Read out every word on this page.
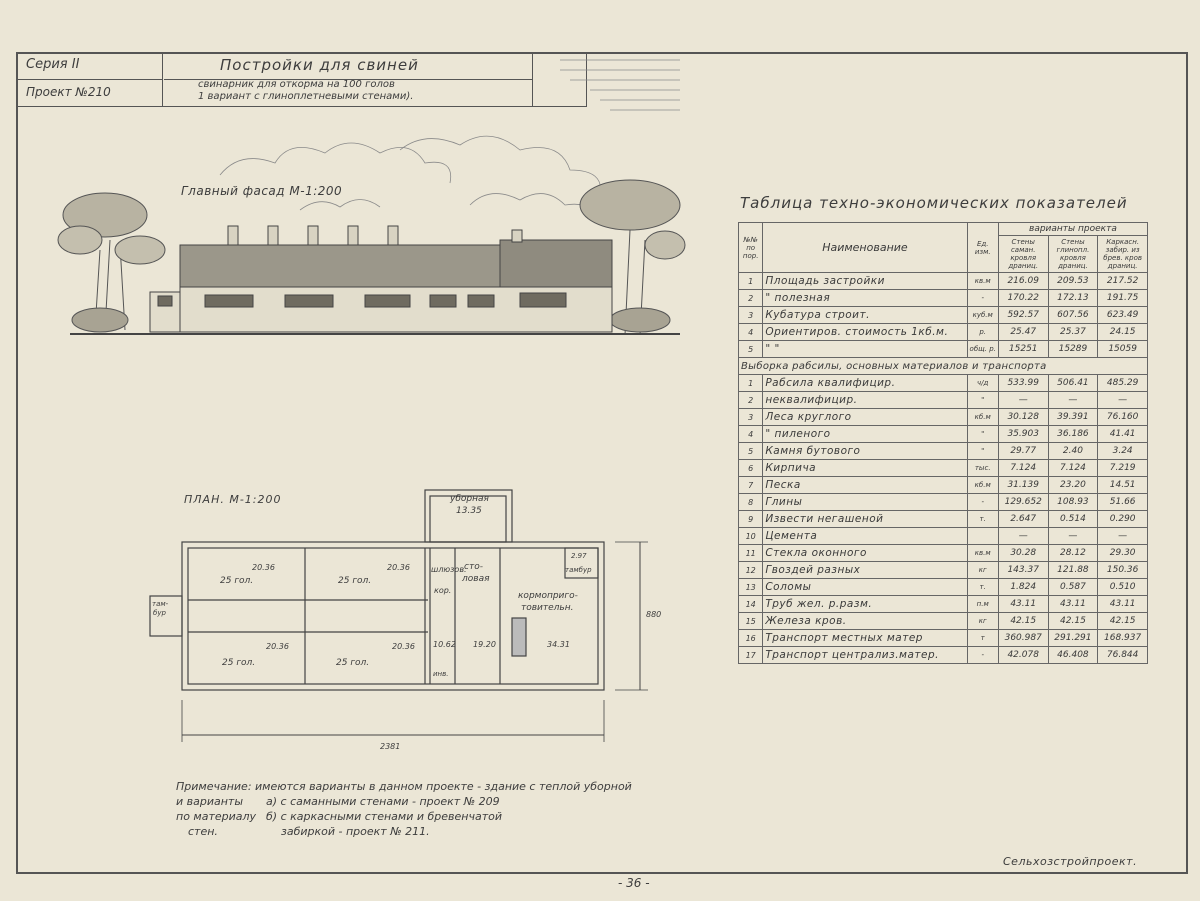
Серия II
Проект №210
Постройки для свиней
свинарник для откорма на 100 голов
1 вариант с глинoплетневыми стенами).
Главный фасад М-1:200
ПЛАН. М-1:200	уборная
13.35
20.36
25 гол.
20.36
25 гол.
20.36
25 гол.
20.36
25 гол.
шлюзов.
кор.
сто-
ловая
кормоприго-
товительн.
34.31
2.97
тамбур
там-
бур
10.62 19.20
инв.
2381
880
Таблица техно-экономических показателей
№№ по пор.	Наименование	Ед. изм.	варианты проекта		
			Стены саман. кровля драниц.	Стены глинопл. кровля драниц.	Каркасн. забир. из брев. кров драниц.
1	Площадь застройки	кв.м	216.09	209.53	217.52
2	" полезная	-	170.22	172.13	191.75
3	Кубатура строит.	куб.м	592.57	607.56	623.49
4	Ориентиров. стоимость 1кб.м.	р.	25.47	25.37	24.15
5	" "	общ. р.	15251	15289	15059
Выборка рабсилы, основных материалов и транспорта					
1	Рабсила квалифицир.	ч/д	533.99	506.41	485.29
2	неквалифицир.	"	—	—	—
3	Леса круглого	кб.м	30.128	39.391	76.160
4	" пиленого	"	35.903	36.186	41.41
5	Камня бутового	"	29.77	2.40	3.24
6	Кирпича	тыс.	7.124	7.124	7.219
7	Песка	кб.м	31.139	23.20	14.51
8	Глины	-	129.652	108.93	51.66
9	Извести негашеной	т.	2.647	0.514	0.290
10	Цемента		—	—	—
11	Стекла оконного	кв.м	30.28	28.12	29.30
12	Гвоздей разных	кг	143.37	121.88	150.36
13	Соломы	т.	1.824	0.587	0.510
14	Труб жел. р.разм.	п.м	43.11	43.11	43.11
15	Железа кров.	кг	42.15	42.15	42.15
16	Транспорт местных матер	т	360.987	291.291	168.937
17	Транспорт централиз.матер.	-	42.078	46.408	76.844
Примечание: имеются варианты в данном проекте - здание с теплой уборной
и варианты а) с саманными стенами - проект № 209
по материалу б) с каркасными стенами и бревенчатой
стен.	забиркой - проект № 211.
Сельхозстройпроект.
- 36 -
